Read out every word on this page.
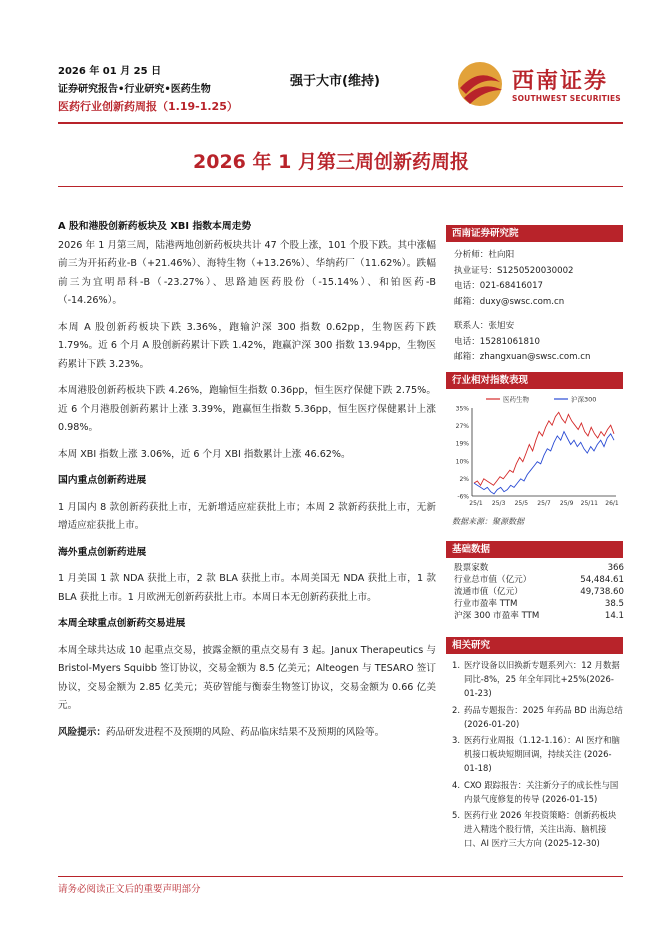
2026 年 01 月 25 日
证券研究报告•行业研究•医药生物
医药行业创新药周报（1.19-1.25）
强于大市(维持)	西南证券
SOUTHWEST SECURITIES
2026 年 1 月第三周创新药周报

A 股和港股创新药板块及 XBI 指数本周走势

2026 年 1 月第三周，陆港两地创新药板块共计 47 个股上涨，101 个股下跌。其中涨幅前三为开拓药业-B（+21.46%）、海特生物（+13.26%）、华纳药厂（11.62%）。跌幅前三为宜明昂科-B（-23.27%）、思路迪医药股份（-15.14%）、和铂医药-B（-14.26%）。

本周 A 股创新药板块下跌 3.36%，跑输沪深 300 指数 0.62pp，生物医药下跌 1.79%。近 6 个月 A 股创新药累计下跌 1.42%，跑赢沪深 300 指数 13.94pp，生物医药累计下跌 3.23%。

本周港股创新药板块下跌 4.26%，跑输恒生指数 0.36pp，恒生医疗保健下跌 2.75%。近 6 个月港股创新药累计上涨 3.39%，跑赢恒生指数 5.36pp，恒生医疗保健累计上涨 0.98%。

本周 XBI 指数上涨 3.06%，近 6 个月 XBI 指数累计上涨 46.62%。

国内重点创新药进展

1 月国内 8 款创新药获批上市，无新增适应症获批上市；本周 2 款新药获批上市，无新增适应症获批上市。

海外重点创新药进展

1 月美国 1 款 NDA 获批上市，2 款 BLA 获批上市。本周美国无 NDA 获批上市，1 款 BLA 获批上市。1 月欧洲无创新药获批上市。本周日本无创新药获批上市。

本周全球重点创新药交易进展

本周全球共达成 10 起重点交易，披露金额的重点交易有 3 起。Janux Therapeutics 与 Bristol-Myers Squibb 签订协议，交易金额为 8.5 亿美元；Alteogen 与 TESARO 签订协议，交易金额为 2.85 亿美元；英矽智能与衡泰生物签订协议，交易金额为 0.66 亿美元。

风险提示：药品研发进程不及预期的风险、药品临床结果不及预期的风险等。

西南证券研究院
分析师：杜向阳
执业证号：S1250520030002
电话：021-68416017
邮箱：duxy@swsc.com.cn
联系人：张旭安
电话：15281061810
邮箱：zhangxuan@swsc.com.cn
行业相对指数表现
35%
27%
19%
10%
2%
-6%
25/1 25/3 25/5 25/7 25/9 25/11 26/1
医药生物	沪深300
数据来源：聚源数据
基础数据
股票家数	366
行业总市值（亿元）	54,484.61
流通市值（亿元）	49,738.60
行业市盈率 TTM	38.5
沪深 300 市盈率 TTM	14.1
相关研究
1. 医疗设备以旧换新专题系列六：12 月数据同比-8%，25 年全年同比+25%(2026-01-23)
2. 药品专题报告：2025 年药品 BD 出海总结 (2026-01-20)
3. 医药行业周报（1.12-1.16）：AI 医疗和脑机接口板块短期回调，持续关注 (2026-01-18)
4. CXO 跟踪报告：关注新分子的成长性与国内景气度修复的传导 (2026-01-15)
5. 医药行业 2026 年投资策略：创新药板块进入精选个股行情，关注出海、脑机接口、AI 医疗三大方向 (2025-12-30)
请务必阅读正文后的重要声明部分
